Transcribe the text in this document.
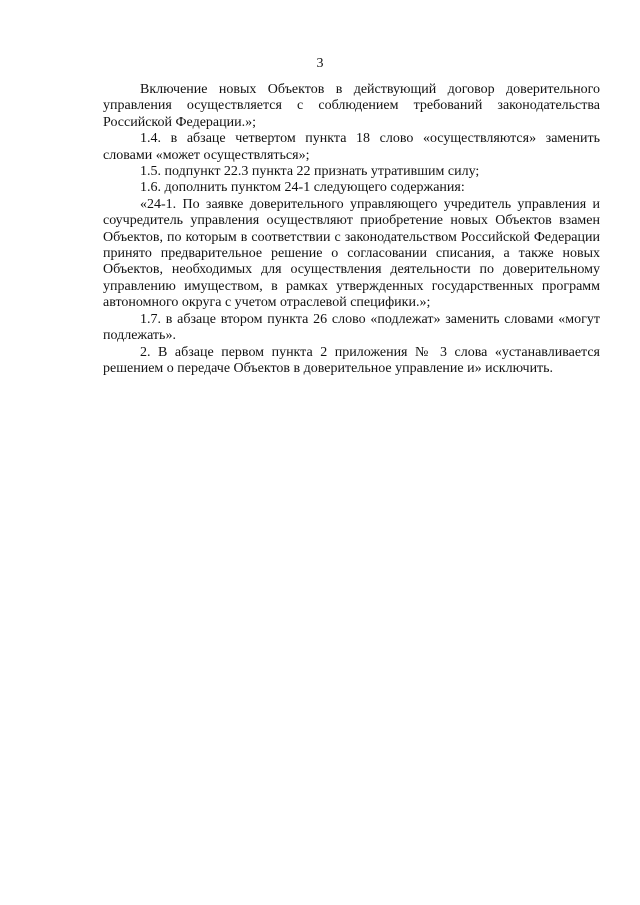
3

Включение новых Объектов в действующий договор доверительного управления осуществляется с соблюдением требований законодательства Российской Федерации.»;

1.4. в абзаце четвертом пункта 18 слово «осуществляются» заменить словами «может осуществляться»;

1.5. подпункт 22.3 пункта 22 признать утратившим силу;

1.6. дополнить пунктом 24-1 следующего содержания:

«24-1. По заявке доверительного управляющего учредитель управления и соучредитель управления осуществляют приобретение новых Объектов взамен Объектов, по которым в соответствии с законодательством Российской Федерации принято предварительное решение о согласовании списания, а также новых Объектов, необходимых для осуществления деятельности по доверительному управлению имуществом, в рамках утвержденных государственных программ автономного округа с учетом отраслевой специфики.»;

1.7. в абзаце втором пункта 26 слово «подлежат» заменить словами «могут подлежать».

2. В абзаце первом пункта 2 приложения № 3 слова «устанавливается решением о передаче Объектов в доверительное управление и» исключить.
